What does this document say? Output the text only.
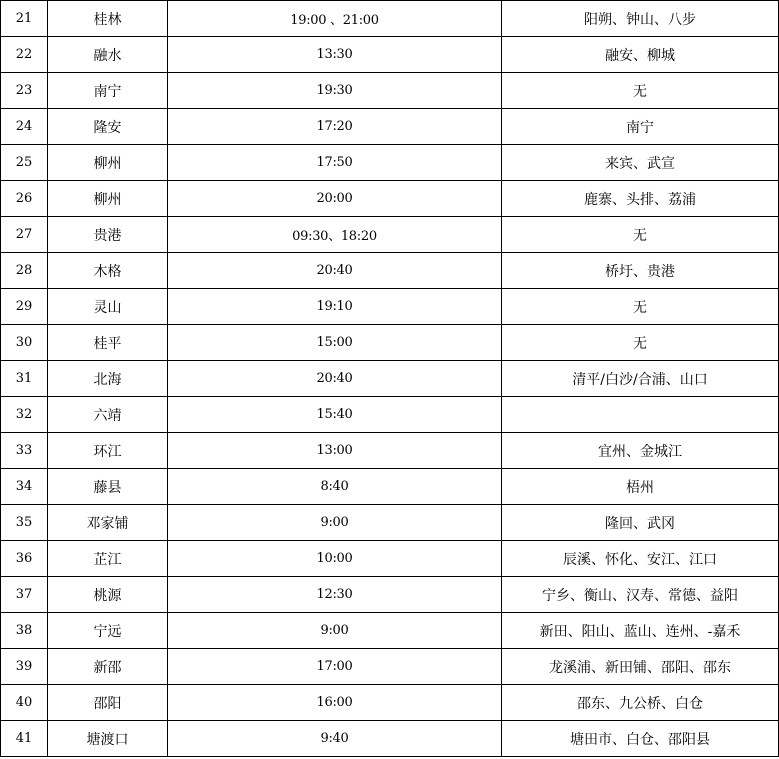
21	桂林	19:00 、21:00	阳朔、钟山、八步
22	融水	13:30	融安、柳城
23	南宁	19:30	无
24	隆安	17:20	南宁
25	柳州	17:50	来宾、武宣
26	柳州	20:00	鹿寨、头排、荔浦
27	贵港	09:30、18:20	无
28	木格	20:40	桥圩、贵港
29	灵山	19:10	无
30	桂平	15:00	无
31	北海	20:40	清平/白沙/合浦、山口
32	六靖	15:40	
33	环江	13:00	宜州、金城江
34	藤县	8:40	梧州
35	邓家铺	9:00	隆回、武冈
36	芷江	10:00	辰溪、怀化、安江、江口
37	桃源	12:30	宁乡、衡山、汉寿、常德、益阳
38	宁远	9:00	新田、阳山、蓝山、连州、-嘉禾
39	新邵	17:00	龙溪浦、新田铺、邵阳、邵东
40	邵阳	16:00	邵东、九公桥、白仓
41	塘渡口	9:40	塘田市、白仓、邵阳县
